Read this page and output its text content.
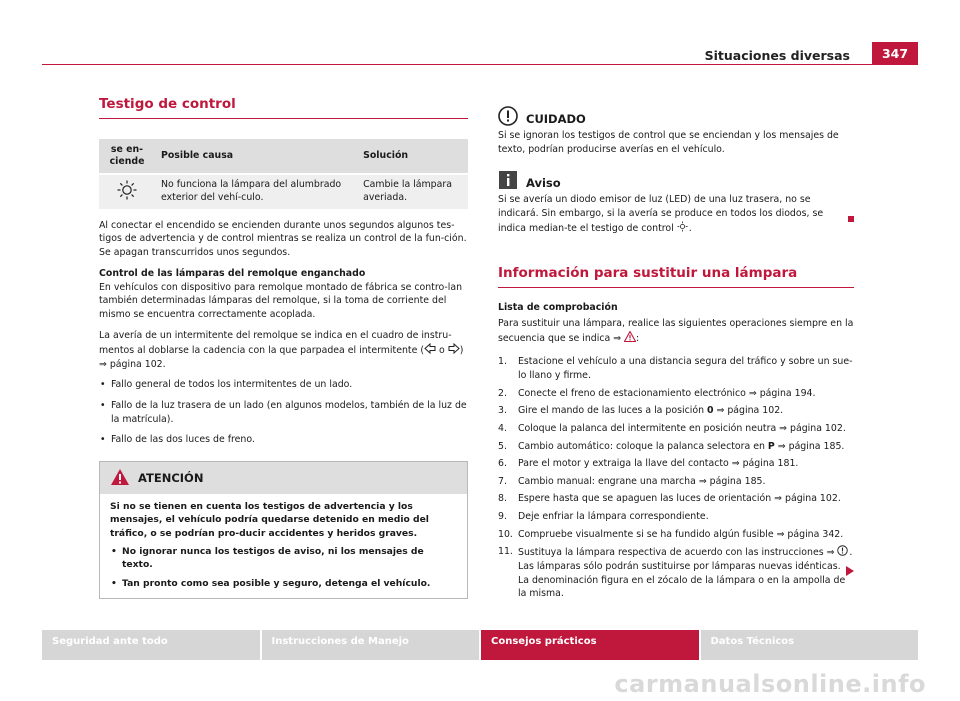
347
Situaciones diversas
Testigo de control
se en-
ciende	Posible causa	Solución
	No funciona la lámpara del alumbrado exterior del vehí-culo.	Cambie la lámpara averiada.

Al conectar el encendido se encienden durante unos segundos algunos tes-tigos de advertencia y de control mientras se realiza un control de la fun-ción. Se apagan transcurridos unos segundos.

Control de las lámparas del remolque enganchado

En vehículos con dispositivo para remolque montado de fábrica se contro-lan también determinadas lámparas del remolque, si la toma de corriente del mismo se encuentra correctamente acoplada.

La avería de un intermitente del remolque se indica en el cuadro de instru-mentos al doblarse la cadencia con la que parpadea el intermitente ( o )
⇒ página 102.

• Fallo general de todos los intermitentes de un lado.
• Fallo de la luz trasera de un lado (en algunos modelos, también de la luz de la matrícula).
• Fallo de las dos luces de freno.
ATENCIÓN
Si no se tienen en cuenta los testigos de advertencia y los mensajes, el vehículo podría quedarse detenido en medio del tráfico, o se podrían pro-ducir accidentes y heridos graves.
• No ignorar nunca los testigos de aviso, ni los mensajes de texto.
• Tan pronto como sea posible y seguro, detenga el vehículo.
CUIDADO
Si se ignoran los testigos de control que se enciendan y los mensajes de texto, podrían producirse averías en el vehículo.
Aviso
Si se avería un diodo emisor de luz (LED) de una luz trasera, no se indicará. Sin embargo, si la avería se produce en todos los diodos, se indica median-te el testigo de control .
Información para sustituir una lámpara

Lista de comprobación

Para sustituir una lámpara, realice las siguientes operaciones siempre en la secuencia que se indica ⇒ :

1. Estacione el vehículo a una distancia segura del tráfico y sobre un sue-lo llano y firme.
2. Conecte el freno de estacionamiento electrónico ⇒ página 194.
3. Gire el mando de las luces a la posición 0 ⇒ página 102.
4. Coloque la palanca del intermitente en posición neutra ⇒ página 102.
5. Cambio automático: coloque la palanca selectora en P ⇒ página 185.
6. Pare el motor y extraiga la llave del contacto ⇒ página 181.
7. Cambio manual: engrane una marcha ⇒ página 185.
8. Espere hasta que se apaguen las luces de orientación ⇒ página 102.
9. Deje enfriar la lámpara correspondiente.
10. Compruebe visualmente si se ha fundido algún fusible ⇒ página 342.
11. Sustituya la lámpara respectiva de acuerdo con las instrucciones ⇒ . Las lámparas sólo podrán sustituirse por lámparas nuevas idénticas. La denominación figura en el zócalo de la lámpara o en la ampolla de la misma.
Seguridad ante todo	Instrucciones de Manejo	Consejos prácticos	Datos Técnicos
carmanualsonline.info
